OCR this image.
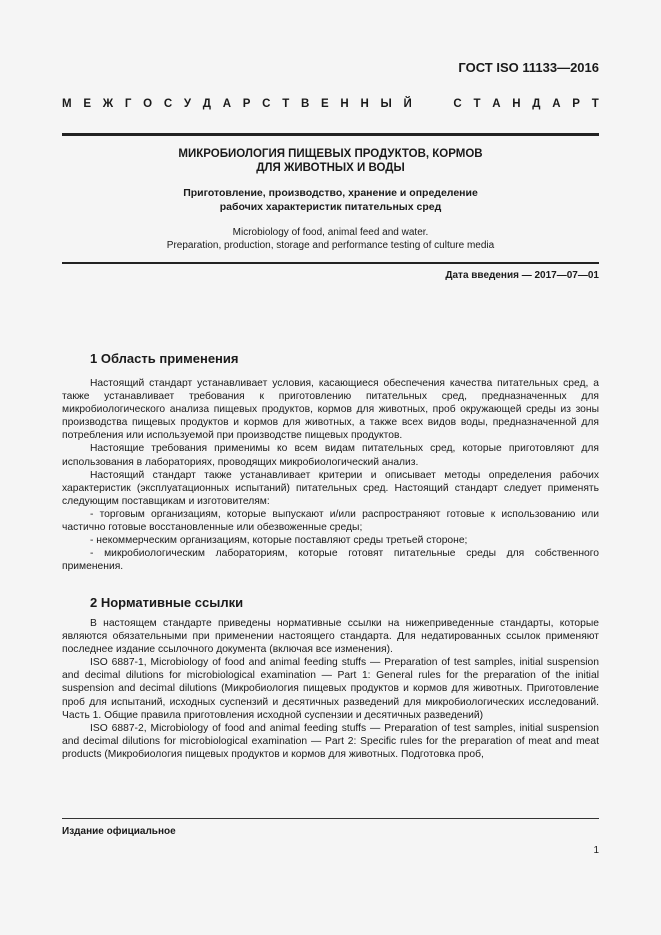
ГОСТ ISO 11133—2016
М Е Ж Г О С У Д А Р С Т В Е Н Н Ы Й

	С Т А Н Д А Р Т
МИКРОБИОЛОГИЯ ПИЩЕВЫХ ПРОДУКТОВ, КОРМОВ
ДЛЯ ЖИВОТНЫХ И ВОДЫ
Приготовление, производство, хранение и определение
рабочих характеристик питательных сред
Microbiology of food, animal feed and water.
Preparation, production, storage and performance testing of culture media
Дата введения — 2017—07—01
1 Область применения

Настоящий стандарт устанавливает условия, касающиеся обеспечения качества питательных сред, а также устанавливает требования к приготовлению питательных сред, предназначенных для микробиологического анализа пищевых продуктов, кормов для животных, проб окружающей среды из зоны производства пищевых продуктов и кормов для животных, а также всех видов воды, предназначенной для потребления или используемой при производстве пищевых продуктов.

Настоящие требования применимы ко всем видам питательных сред, которые приготовляют для использования в лабораториях, проводящих микробиологический анализ.

Настоящий стандарт также устанавливает критерии и описывает методы определения рабочих характеристик (эксплуатационных испытаний) питательных сред. Настоящий стандарт следует применять следующим поставщикам и изготовителям:

- торговым организациям, которые выпускают и/или распространяют готовые к использованию или частично готовые восстановленные или обезвоженные среды;

- некоммерческим организациям, которые поставляют среды третьей стороне;

- микробиологическим лабораториям, которые готовят питательные среды для собственного применения.

2 Нормативные ссылки

В настоящем стандарте приведены нормативные ссылки на нижеприведенные стандарты, которые являются обязательными при применении настоящего стандарта. Для недатированных ссылок применяют последнее издание ссылочного документа (включая все изменения).

ISO 6887-1, Microbiology of food and animal feeding stuffs — Preparation of test samples, initial suspension and decimal dilutions for microbiological examination — Part 1: General rules for the preparation of the initial suspension and decimal dilutions (Микробиология пищевых продуктов и кормов для животных. Приготовление проб для испытаний, исходных суспензий и десятичных разведений для микробиологических исследований. Часть 1. Общие правила приготовления исходной суспензии и десятичных разведений)

ISO 6887-2, Microbiology of food and animal feeding stuffs — Preparation of test samples, initial suspension and decimal dilutions for microbiological examination — Part 2: Specific rules for the preparation of meat and meat products (Микробиология пищевых продуктов и кормов для животных. Подготовка проб,

Издание официальное
1
